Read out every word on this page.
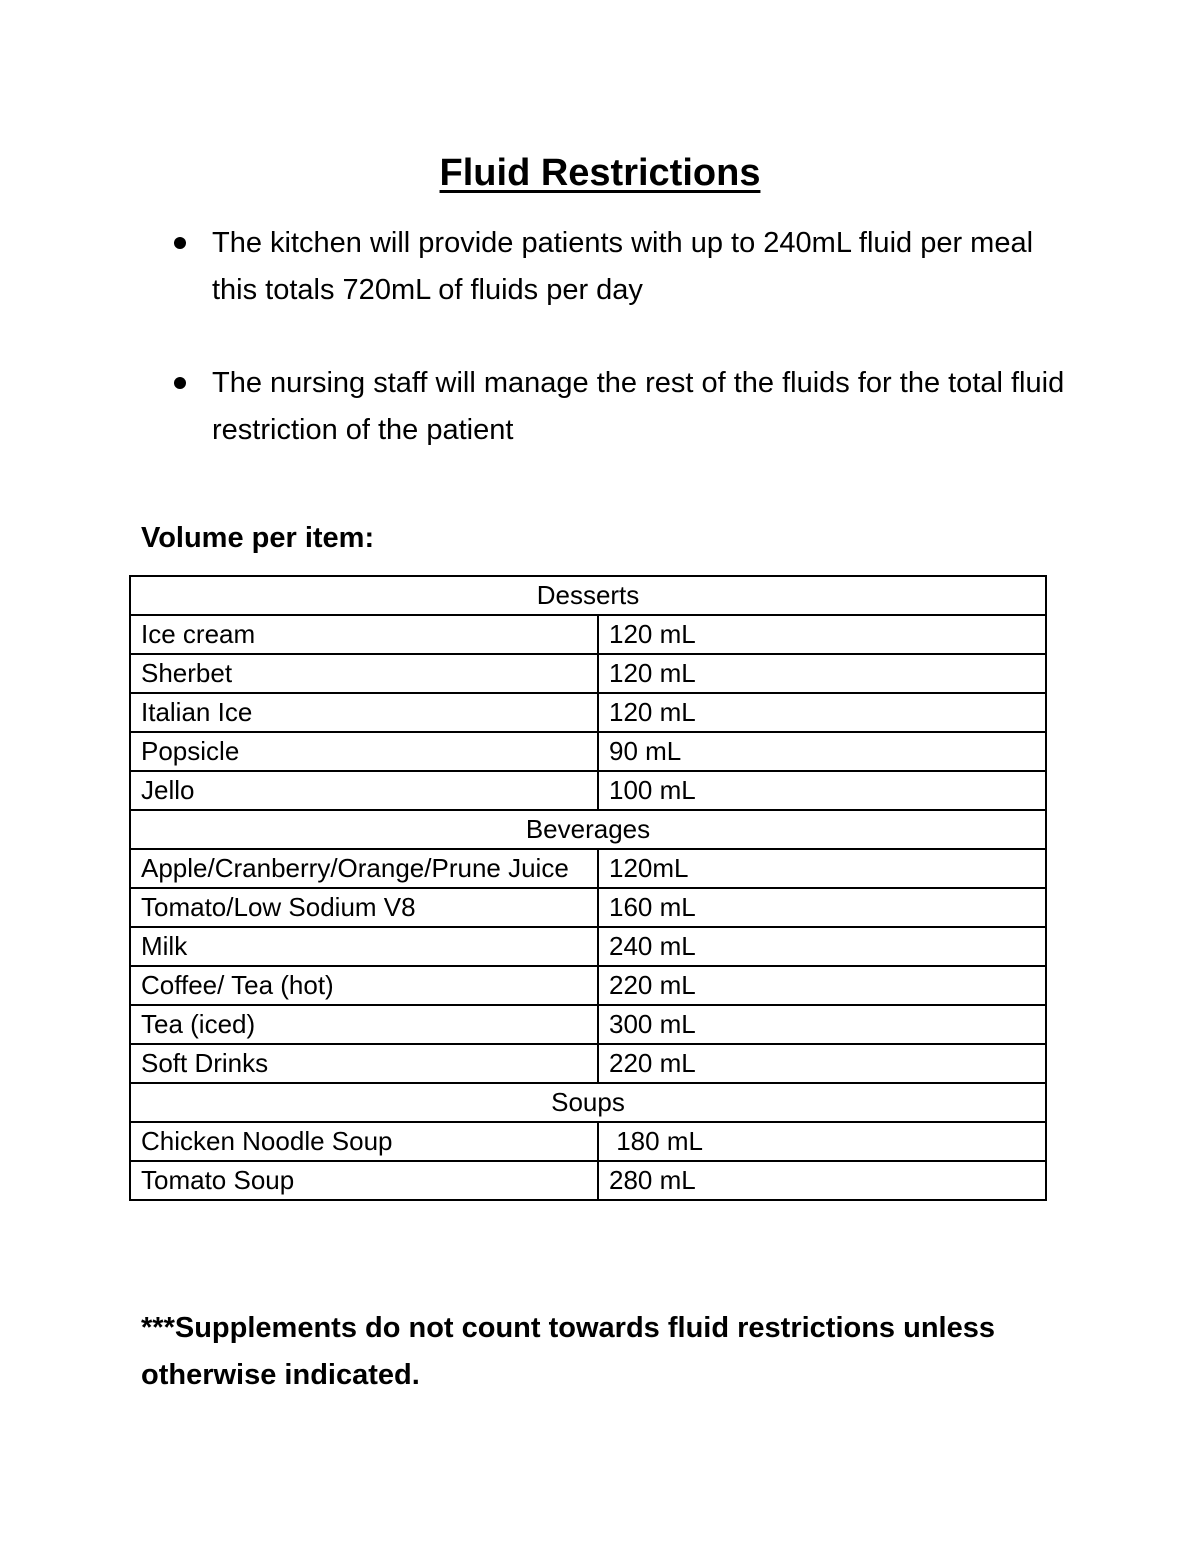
Fluid Restrictions
The kitchen will provide patients with up to 240mL fluid per meal this totals 720mL of fluids per day
The nursing staff will manage the rest of the fluids for the total fluid restriction of the patient

Volume per item:

Desserts	
Ice cream	120 mL
Sherbet	120 mL
Italian Ice	120 mL
Popsicle	90 mL
Jello	100 mL
Beverages	
Apple/Cranberry/Orange/Prune Juice	120mL
Tomato/Low Sodium V8	160 mL
Milk	240 mL
Coffee/ Tea (hot)	220 mL
Tea (iced)	300 mL
Soft Drinks	220 mL
Soups	
Chicken Noodle Soup	180 mL
Tomato Soup	280 mL

***Supplements do not count towards fluid restrictions unless otherwise indicated.
